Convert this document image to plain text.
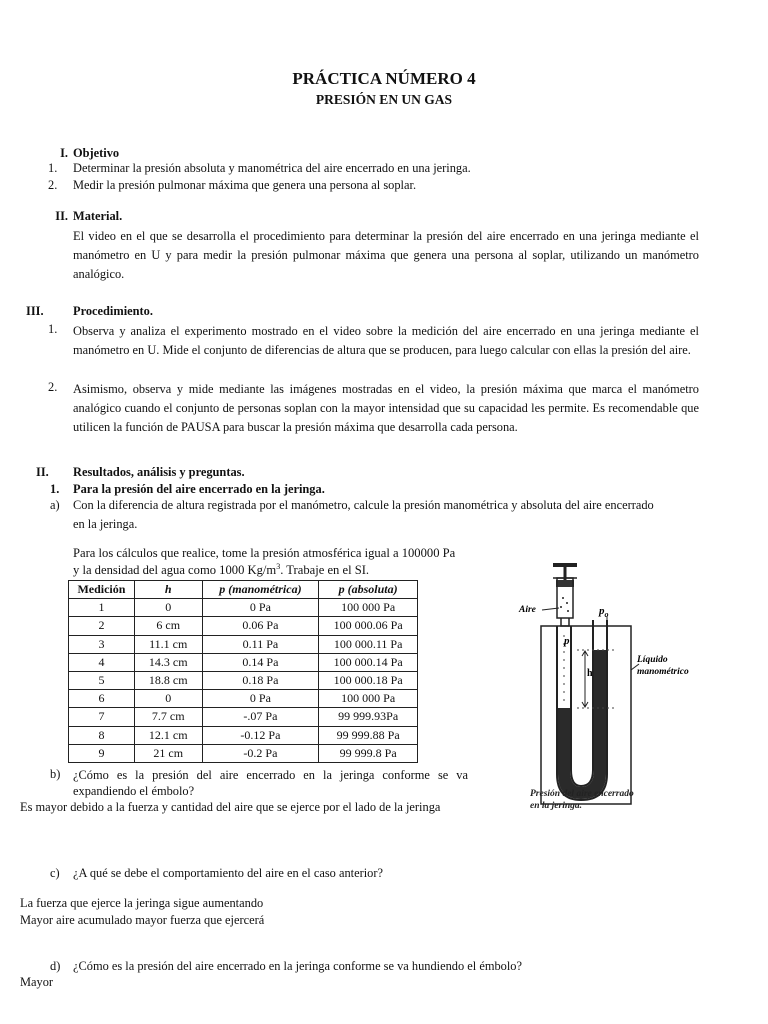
PRÁCTICA NÚMERO 4
PRESIÓN EN UN GAS
I. Objetivo
1.	Determinar la presión absoluta y manométrica del aire encerrado en una jeringa.
2.	Medir la presión pulmonar máxima que genera una persona al soplar.
II. Material.
El video en el que se desarrolla el procedimiento para determinar la presión del aire encerrado en una jeringa mediante el manómetro en U y para medir la presión pulmonar máxima que genera una persona al soplar, utilizando un manómetro analógico.
III. Procedimiento.
1.	Observa y analiza el experimento mostrado en el video sobre la medición del aire encerrado en una jeringa mediante el manómetro en U. Mide el conjunto de diferencias de altura que se producen, para luego calcular con ellas la presión del aire.
2.	Asimismo, observa y mide mediante las imágenes mostradas en el video, la presión máxima que marca el manómetro analógico cuando el conjunto de personas soplan con la mayor intensidad que su capacidad les permite. Es recomendable que utilicen la función de PAUSA para buscar la presión máxima que desarrolla cada persona.
II. Resultados, análisis y preguntas.
1. Para la presión del aire encerrado en la jeringa.
a) Con la diferencia de altura registrada por el manómetro, calcule la presión manométrica y absoluta del aire encerrado en la jeringa.
Para los cálculos que realice, tome la presión atmosférica igual a 100000 Pa
y la densidad del agua como 1000 $Kg/m^3$. Trabaje en el SI.
Medición	h	p (manométrica)	p (absoluta)
1	0	0 Pa	100 000 Pa
2	6 cm	0.06 Pa	100 000.06 Pa
3	11.1 cm	0.11 Pa	100 000.11 Pa
4	14.3 cm	0.14 Pa	100 000.14 Pa
5	18.8 cm	0.18 Pa	100 000.18 Pa
6	0	0 Pa	100 000 Pa
7	7.7 cm	-.07 Pa	99 999.93Pa
8	12.1 cm	-0.12 Pa	99 999.88 Pa
9	21 cm	-0.2 Pa	99 999.8 Pa
Aire	$p_o$
p
h
Líquido
manométrico
Presión del aire encerrado
en la jeringa.
b) ¿Cómo es la presión del aire encerrado en la jeringa conforme se va expandiendo el émbolo?
Es mayor debido a la fuerza y cantidad del aire que se ejerce por el lado de la jeringa
c) ¿A qué se debe el comportamiento del aire en el caso anterior?
La fuerza que ejerce la jeringa sigue aumentando
Mayor aire acumulado mayor fuerza que ejercerá
d) ¿Cómo es la presión del aire encerrado en la jeringa conforme se va hundiendo el émbolo?
Mayor
